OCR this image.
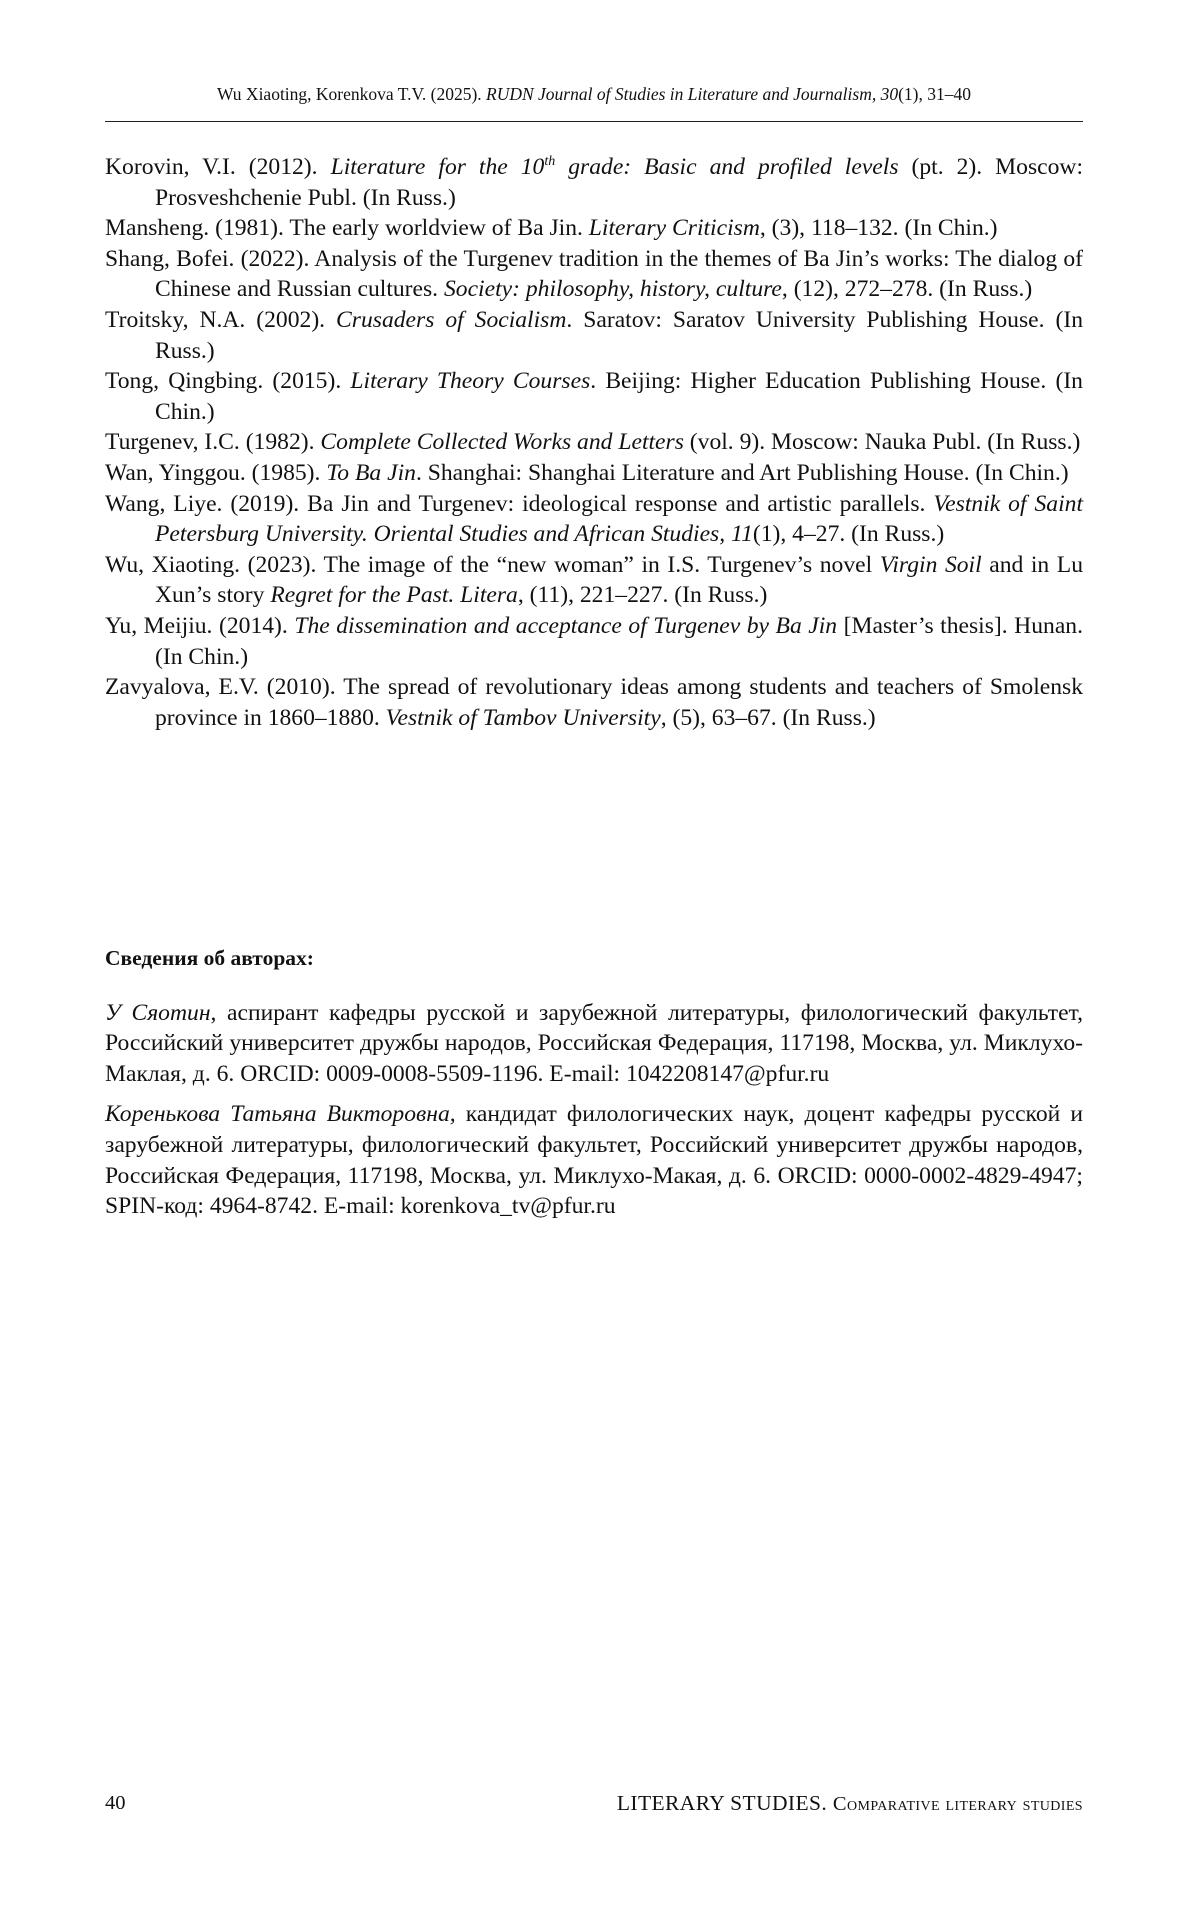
Wu Xiaoting, Korenkova T.V. (2025). RUDN Journal of Studies in Literature and Journalism, 30(1), 31–40

Korovin, V.I. (2012). Literature for the 10th grade: Basic and profiled levels (pt. 2). Moscow: Prosveshchenie Publ. (In Russ.)

Mansheng. (1981). The early worldview of Ba Jin. Literary Criticism, (3), 118–132. (In Chin.)

Shang, Bofei. (2022). Analysis of the Turgenev tradition in the themes of Ba Jin’s works: The dialog of Chinese and Russian cultures. Society: philosophy, history, culture, (12), 272–278. (In Russ.)

Troitsky, N.A. (2002). Crusaders of Socialism. Saratov: Saratov University Publishing House. (In Russ.)

Tong, Qingbing. (2015). Literary Theory Courses. Beijing: Higher Education Publishing House. (In Chin.)

Turgenev, I.C. (1982). Complete Collected Works and Letters (vol. 9). Moscow: Nauka Publ. (In Russ.)

Wan, Yinggou. (1985). To Ba Jin. Shanghai: Shanghai Literature and Art Publishing House. (In Chin.)

Wang, Liye. (2019). Ba Jin and Turgenev: ideological response and artistic parallels. Vestnik of Saint Petersburg University. Oriental Studies and African Studies, 11(1), 4–27. (In Russ.)

Wu, Xiaoting. (2023). The image of the “new woman” in I.S. Turgenev’s novel Virgin Soil and in Lu Xun’s story Regret for the Past. Litera, (11), 221–227. (In Russ.)

Yu, Meijiu. (2014). The dissemination and acceptance of Turgenev by Ba Jin [Master’s thesis]. Hunan. (In Chin.)

Zavyalova, E.V. (2010). The spread of revolutionary ideas among students and teachers of Smolensk province in 1860–1880. Vestnik of Tambov University, (5), 63–67. (In Russ.)

Сведения об авторах:

У Сяотин, аспирант кафедры русской и зарубежной литературы, филологический факультет, Российский университет дружбы народов, Российская Федерация, 117198, Москва, ул. Миклухо-Маклая, д. 6. ORCID: 0009-0008-5509-1196. E-mail: 1042208147@pfur.ru

Коренькова Татьяна Викторовна, кандидат филологических наук, доцент кафедры русской и зарубежной литературы, филологический факультет, Российский университет дружбы народов, Российская Федерация, 117198, Москва, ул. Миклухо-Макая, д. 6. ORCID: 0000-0002-4829-4947; SPIN-код: 4964-8742. E-mail: korenkova_tv@pfur.ru

40	LITERARY STUDIES. Comparative literary studies
